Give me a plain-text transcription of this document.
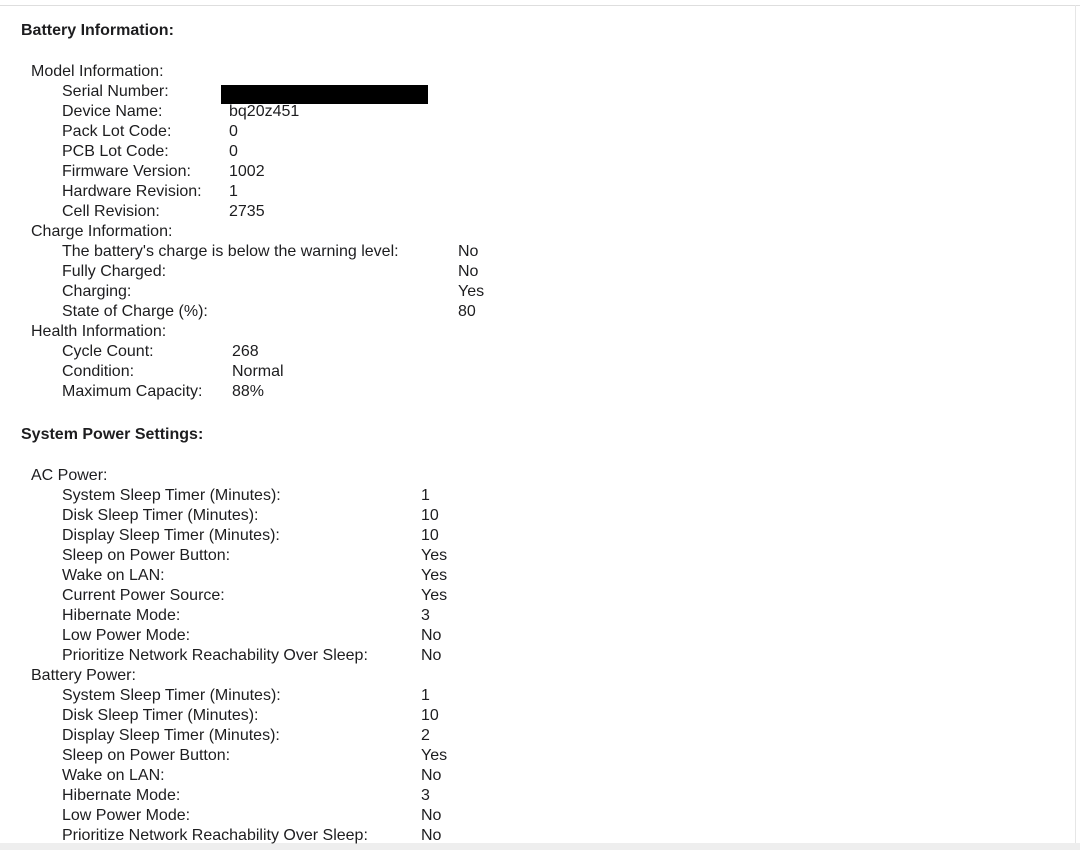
Battery Information:
Model Information:
Serial Number:
Device Name:	bq20z451
Pack Lot Code:	0
PCB Lot Code:	0
Firmware Version: 1002
Hardware Revision: 1
Cell Revision:	2735
Charge Information:
The battery's charge is below the warning level:	No
Fully Charged:	No
Charging:	Yes
State of Charge (%):	80
Health Information:
Cycle Count:	268
Condition:	Normal
Maximum Capacity: 88%
System Power Settings:
AC Power:
System Sleep Timer (Minutes):	1
Disk Sleep Timer (Minutes):	10
Display Sleep Timer (Minutes):	10
Sleep on Power Button:	Yes
Wake on LAN:	Yes
Current Power Source:	Yes
Hibernate Mode:	3
Low Power Mode:	No
Prioritize Network Reachability Over Sleep:	No
Battery Power:
System Sleep Timer (Minutes):	1
Disk Sleep Timer (Minutes):	10
Display Sleep Timer (Minutes):	2
Sleep on Power Button:	Yes
Wake on LAN:	No
Hibernate Mode:	3
Low Power Mode:	No
Prioritize Network Reachability Over Sleep:	No
